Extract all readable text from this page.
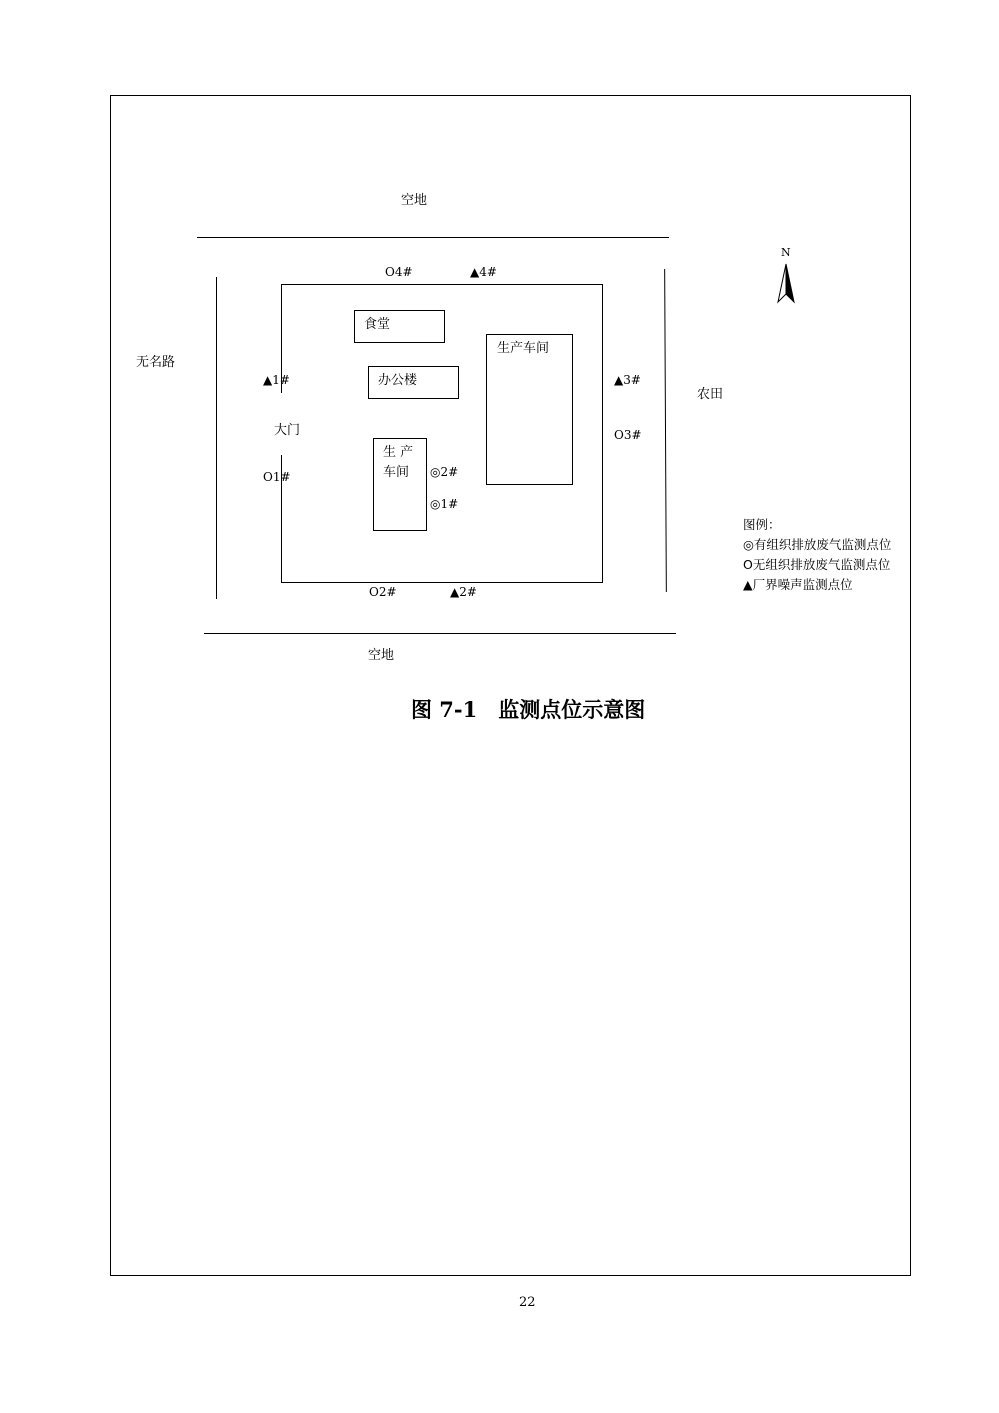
空地
空地
无名路
农田
大门
食堂
办公楼
生产车间
生 产
车间
O4#	▲4#
▲1#
O1#
▲3#
O3#
◎2#
◎1#
O2#	▲2#
N
图例：
◎有组织排放废气监测点位
O无组织排放废气监测点位
▲厂界噪声监测点位
图 7-1　监测点位示意图
22
